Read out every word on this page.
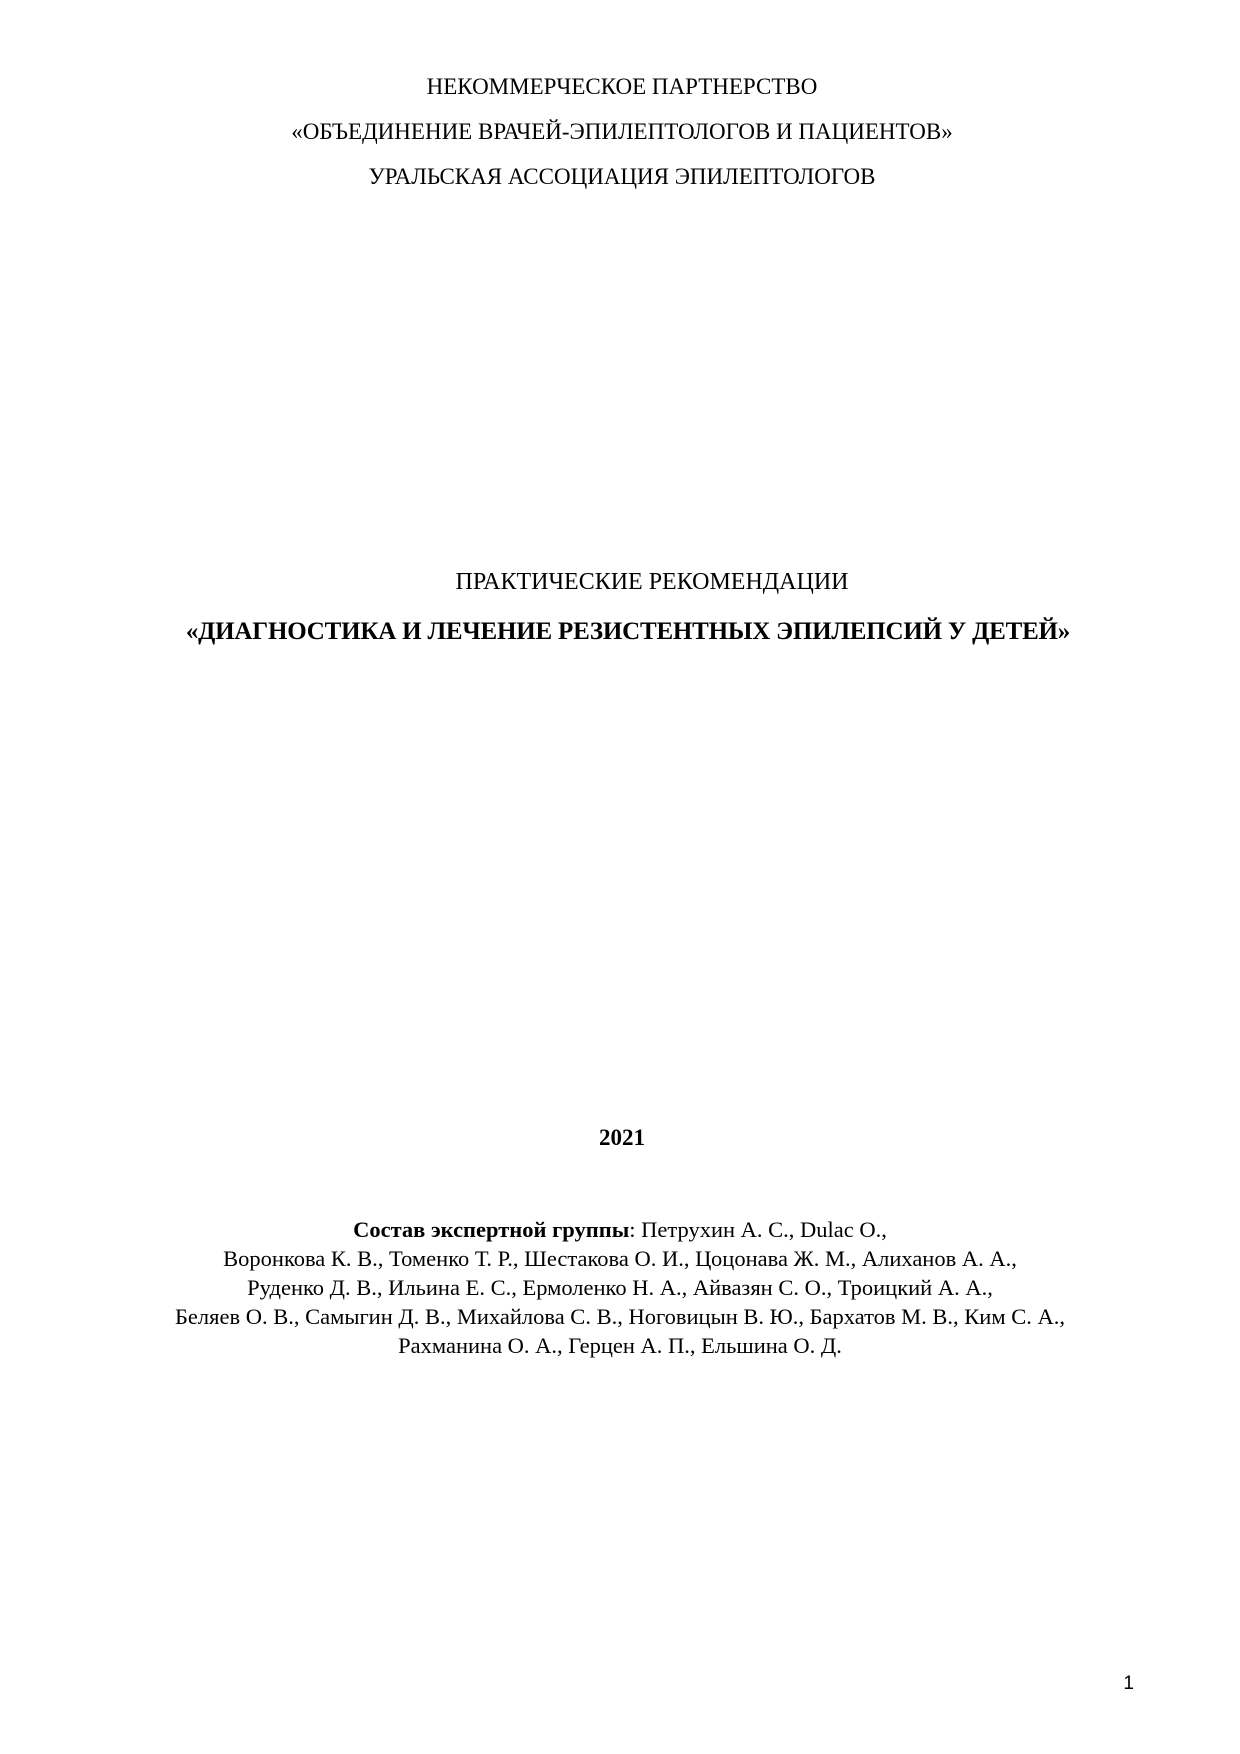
НЕКОММЕРЧЕСКОЕ ПАРТНЕРСТВО
«ОБЪЕДИНЕНИЕ ВРАЧЕЙ-ЭПИЛЕПТОЛОГОВ И ПАЦИЕНТОВ»
УРАЛЬСКАЯ АССОЦИАЦИЯ ЭПИЛЕПТОЛОГОВ
ПРАКТИЧЕСКИЕ РЕКОМЕНДАЦИИ
«ДИАГНОСТИКА И ЛЕЧЕНИЕ РЕЗИСТЕНТНЫХ ЭПИЛЕПСИЙ У ДЕТЕЙ»
2021
Состав экспертной группы: Петрухин А. С., Dulac O.,
Воронкова К. В., Томенко Т. Р., Шестакова О. И., Цоцонава Ж. М., Алиханов А. А.,
Руденко Д. В., Ильина Е. С., Ермоленко Н. А., Айвазян С. О., Троицкий А. А.,
Беляев О. В., Самыгин Д. В., Михайлова С. В., Ноговицын В. Ю., Бархатов М. В., Ким С. А.,
Рахманина О. А., Герцен А. П., Ельшина О. Д.
1
